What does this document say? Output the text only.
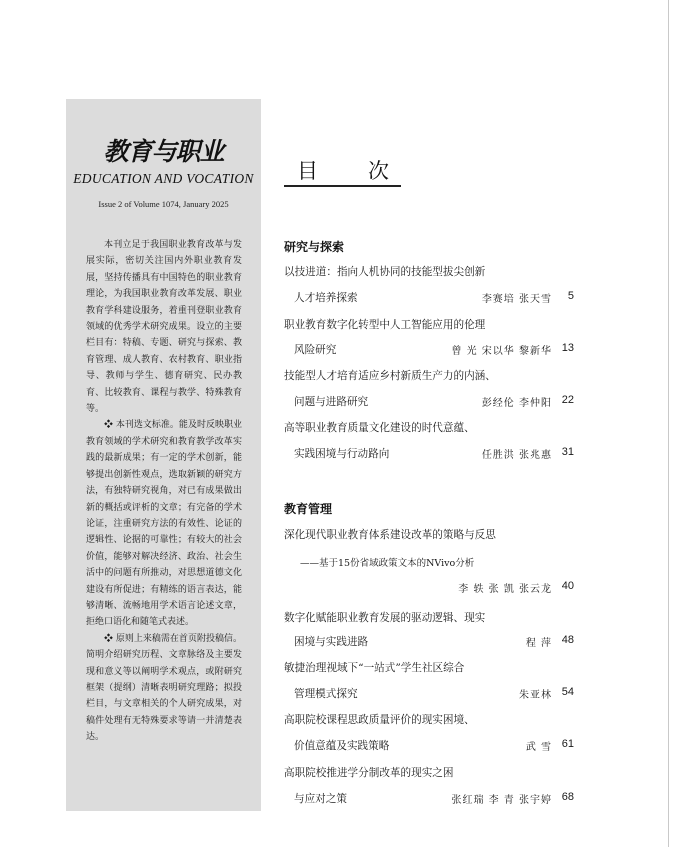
教育与职业
EDUCATION AND VOCATION
Issue 2 of Volume 1074, January 2025

本刊立足于我国职业教育改革与发展实际，密切关注国内外职业教育发展，坚持传播具有中国特色的职业教育理论，为我国职业教育改革发展、职业教育学科建设服务，着重刊登职业教育领域的优秀学术研究成果。设立的主要栏目有：特稿、专题、研究与探索、教育管理、成人教育、农村教育、职业指导、教师与学生、德育研究、民办教育、比较教育、课程与教学、特殊教育等。

❖ 本刊选文标准。能及时反映职业教育领域的学术研究和教育教学改革实践的最新成果；有一定的学术创新，能够提出创新性观点，选取新颖的研究方法，有独特研究视角，对已有成果做出新的概括或评析的文章；有完备的学术论证，注重研究方法的有效性、论证的逻辑性、论据的可靠性；有较大的社会价值，能够对解决经济、政治、社会生活中的问题有所推动，对思想道德文化建设有所促进；有精练的语言表达，能够清晰、流畅地用学术语言论述文章，拒绝口语化和随笔式表述。

❖ 原则上来稿需在首页附投稿信。简明介绍研究历程、文章脉络及主要发现和意义等以阐明学术观点，或附研究框架（提纲）清晰表明研究理路；拟投栏目，与文章相关的个人研究成果，对稿件处理有无特殊要求等请一并清楚表达。

目 次
研究与探索
以技进道：指向人机协同的技能型拔尖创新
人才培养探索	李赛培 张天雪 5
职业教育数字化转型中人工智能应用的伦理
风险研究	曾 光 宋以华 黎新华 13
技能型人才培育适应乡村新质生产力的内涵、
问题与进路研究	彭经伦 李仲阳 22
高等职业教育质量文化建设的时代意蕴、
实践困境与行动路向	任胜洪 张兆惠 31
教育管理
深化现代职业教育体系建设改革的策略与反思
——基于15份省域政策文本的NVivo分析
李 轶 张 凯 张云龙 40
数字化赋能职业教育发展的驱动逻辑、现实
困境与实践进路	程 萍 48
敏捷治理视域下“一站式”学生社区综合
管理模式探究	朱亚林 54
高职院校课程思政质量评价的现实困境、
价值意蕴及实践策略	武 雪 61
高职院校推进学分制改革的现实之困
与应对之策	张红瑞 李 青 张宇婷 68
